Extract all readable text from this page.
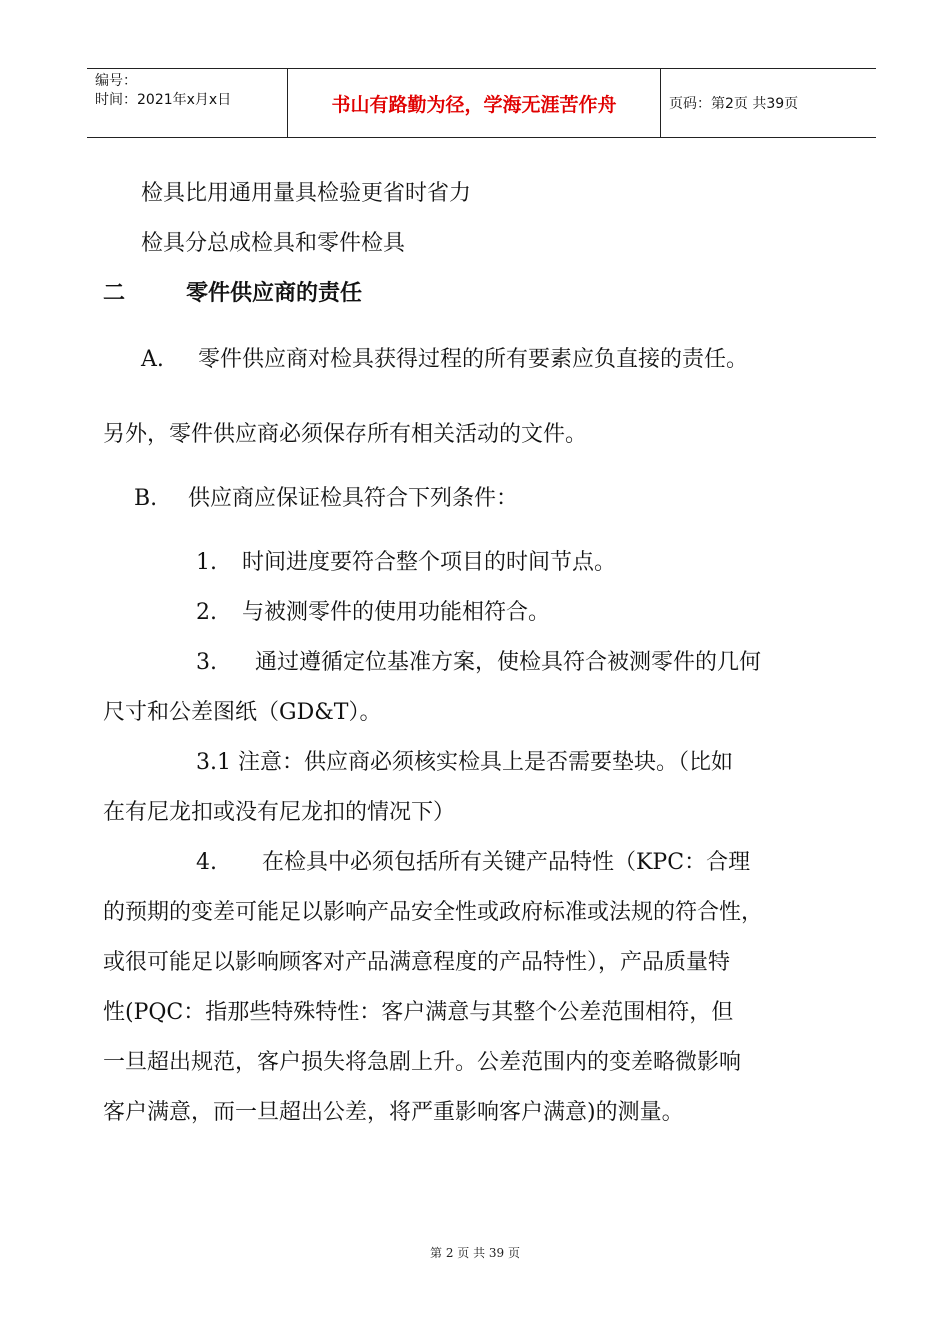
编号：
时间：2021年x月x日	书山有路勤为径，学海无涯苦作舟	页码：第2页 共39页
检具比用通用量具检验更省时省力
检具分总成检具和零件检具
二	零件供应商的责任
A. 零件供应商对检具获得过程的所有要素应负直接的责任。
另外，零件供应商必须保存所有相关活动的文件。
B. 供应商应保证检具符合下列条件：
1. 时间进度要符合整个项目的时间节点。
2. 与被测零件的使用功能相符合。
3. 通过遵循定位基准方案，使检具符合被测零件的几何
尺寸和公差图纸（GD&T）。
3.1 注意：供应商必须核实检具上是否需要垫块。（比如
在有尼龙扣或没有尼龙扣的情况下）
4. 在检具中必须包括所有关键产品特性（KPC：合理
的预期的变差可能足以影响产品安全性或政府标准或法规的符合性，
或很可能足以影响顾客对产品满意程度的产品特性），产品质量特
性(PQC：指那些特殊特性：客户满意与其整个公差范围相符，但
一旦超出规范，客户损失将急剧上升。公差范围内的变差略微影响
客户满意，而一旦超出公差，将严重影响客户满意)的测量。
第 2 页 共 39 页
